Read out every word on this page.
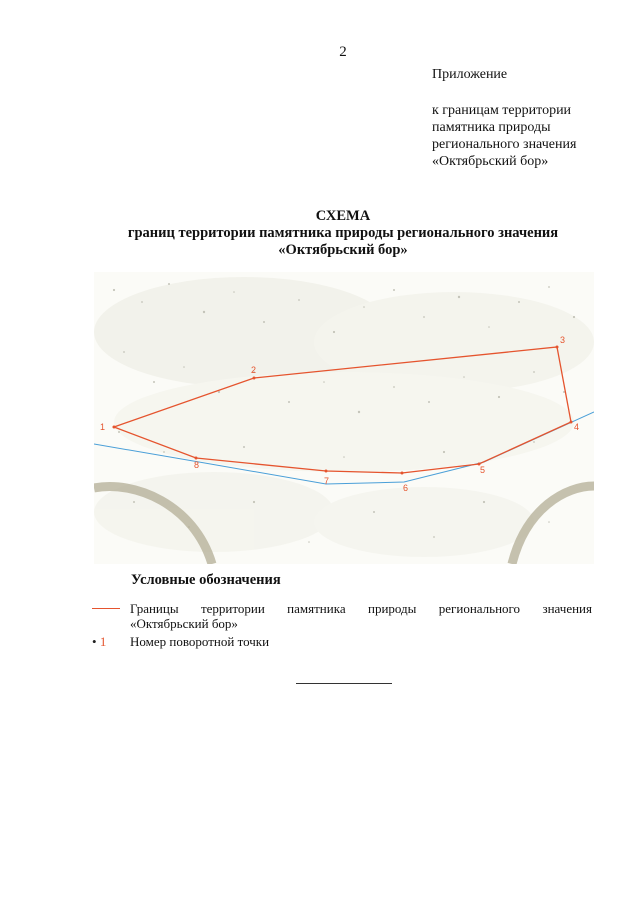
2
Приложение
к границам территории
памятника природы
регионального значения
«Октябрьский бор»
СХЕМА
границ территории памятника природы регионального значения
«Октябрьский бор»
1
2
3
4
5
6
7
8
Условные обозначения
Границы территории памятника природы регионального значения
«Октябрьский бор»
• 1 Номер поворотной точки
